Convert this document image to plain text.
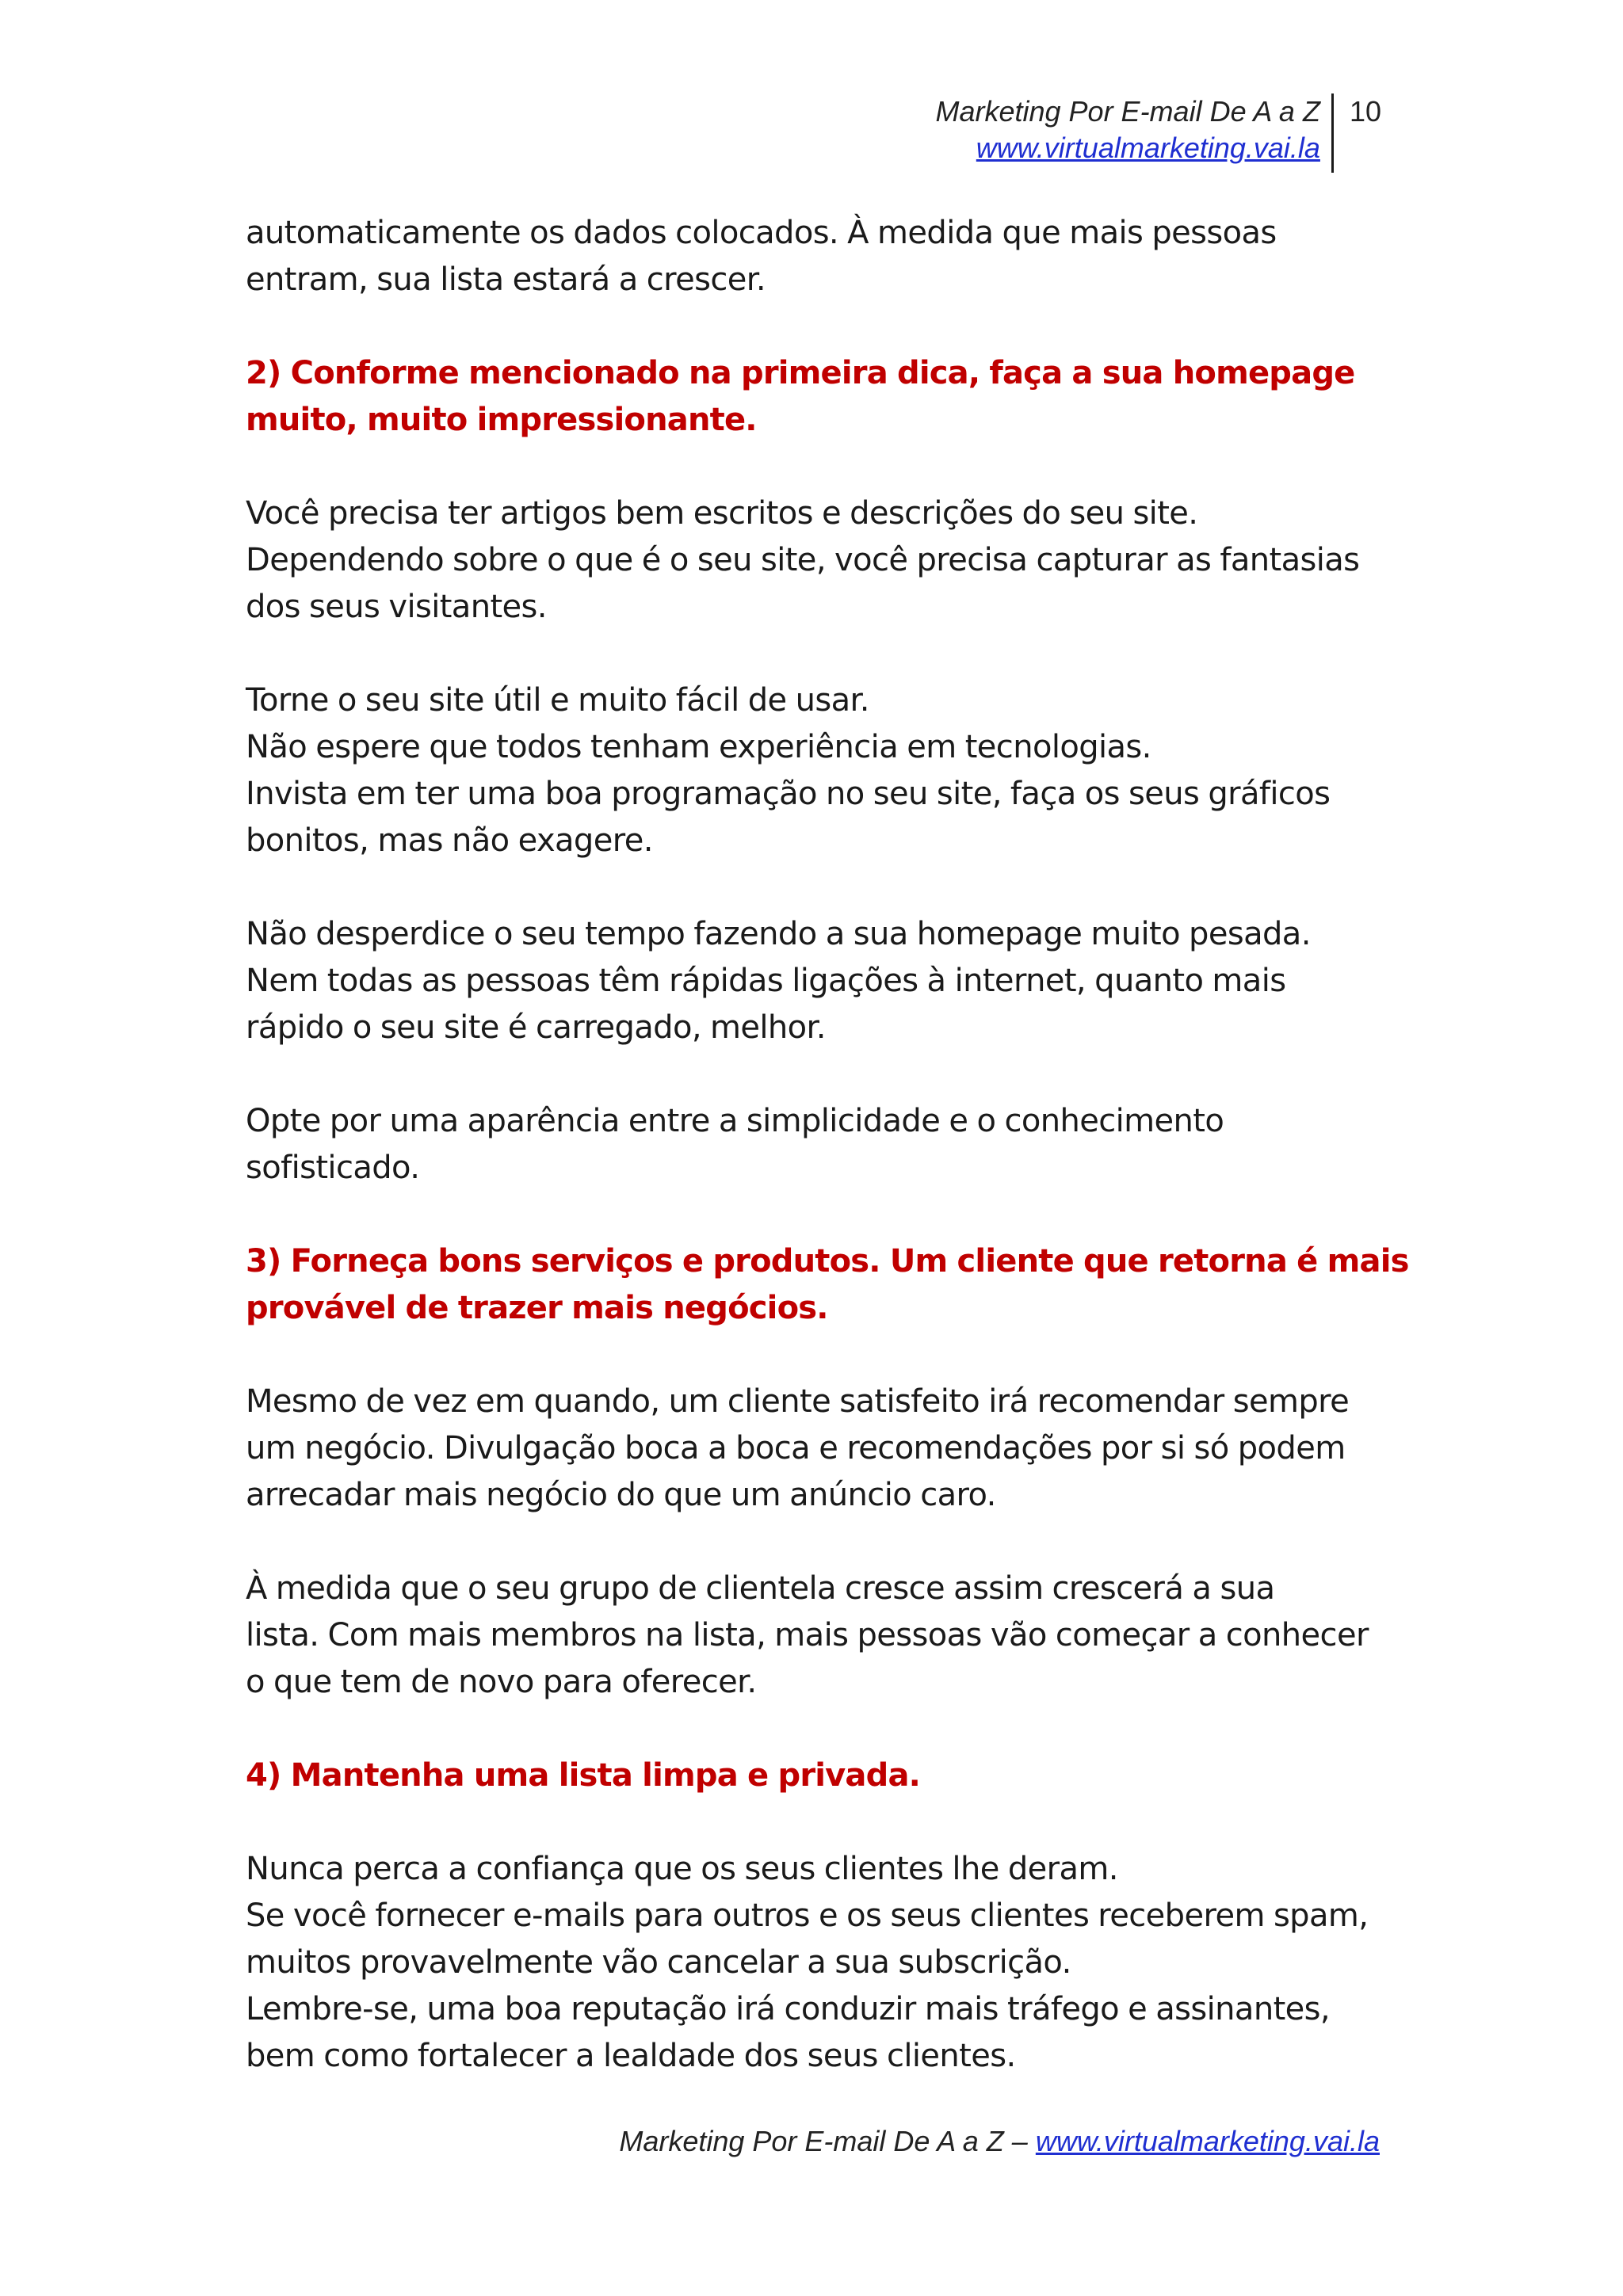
Marketing Por E-mail De A a Z
www.virtualmarketing.vai.la
10

automaticamente os dados colocados. À medida que mais pessoas
entram, sua lista estará a crescer.

2) Conforme mencionado na primeira dica, faça a sua homepage
muito, muito impressionante.

Você precisa ter artigos bem escritos e descrições do seu site.
Dependendo sobre o que é o seu site, você precisa capturar as fantasias
dos seus visitantes.

Torne o seu site útil e muito fácil de usar.
Não espere que todos tenham experiência em tecnologias.
Invista em ter uma boa programação no seu site, faça os seus gráficos
bonitos, mas não exagere.

Não desperdice o seu tempo fazendo a sua homepage muito pesada.
Nem todas as pessoas têm rápidas ligações à internet, quanto mais
rápido o seu site é carregado, melhor.

Opte por uma aparência entre a simplicidade e o conhecimento
sofisticado.

3) Forneça bons serviços e produtos. Um cliente que retorna é mais
provável de trazer mais negócios.

Mesmo de vez em quando, um cliente satisfeito irá recomendar sempre
um negócio. Divulgação boca a boca e recomendações por si só podem
arrecadar mais negócio do que um anúncio caro.

À medida que o seu grupo de clientela cresce assim crescerá a sua
lista. Com mais membros na lista, mais pessoas vão começar a conhecer
o que tem de novo para oferecer.

4) Mantenha uma lista limpa e privada.

Nunca perca a confiança que os seus clientes lhe deram.
Se você fornecer e-mails para outros e os seus clientes receberem spam,
muitos provavelmente vão cancelar a sua subscrição.
Lembre-se, uma boa reputação irá conduzir mais tráfego e assinantes,
bem como fortalecer a lealdade dos seus clientes.

Marketing Por E-mail De A a Z – www.virtualmarketing.vai.la
